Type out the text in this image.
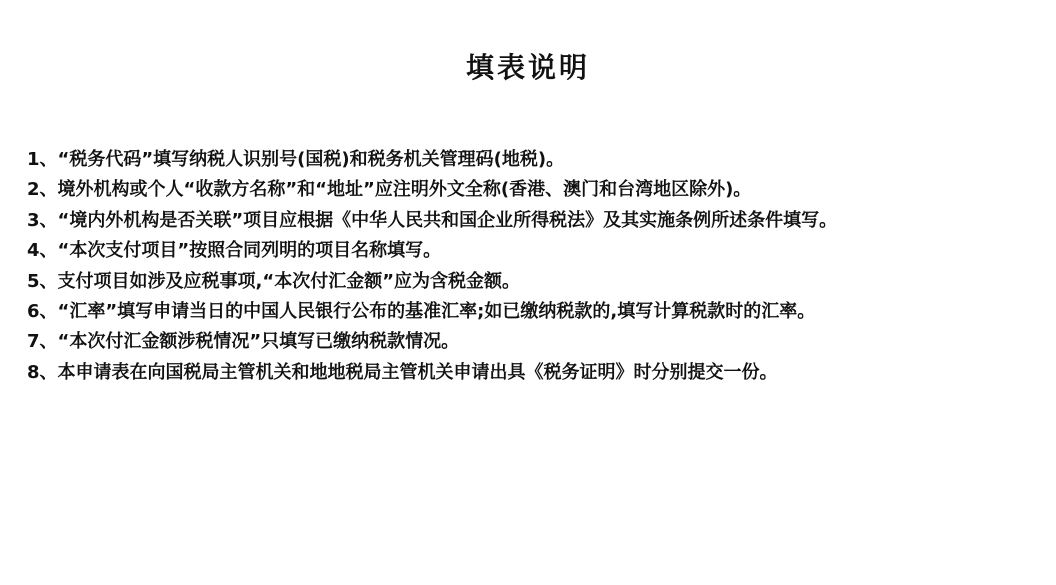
填表说明
1、“税务代码”填写纳税人识别号(国税)和税务机关管理码(地税)。
2、境外机构或个人“收款方名称”和“地址”应注明外文全称(香港、澳门和台湾地区除外)。
3、“境内外机构是否关联”项目应根据《中华人民共和国企业所得税法》及其实施条例所述条件填写。
4、“本次支付项目”按照合同列明的项目名称填写。
5、支付项目如涉及应税事项,“本次付汇金额”应为含税金额。
6、“汇率”填写申请当日的中国人民银行公布的基准汇率;如已缴纳税款的,填写计算税款时的汇率。
7、“本次付汇金额涉税情况”只填写已缴纳税款情况。
8、本申请表在向国税局主管机关和地地税局主管机关申请出具《税务证明》时分别提交一份。
